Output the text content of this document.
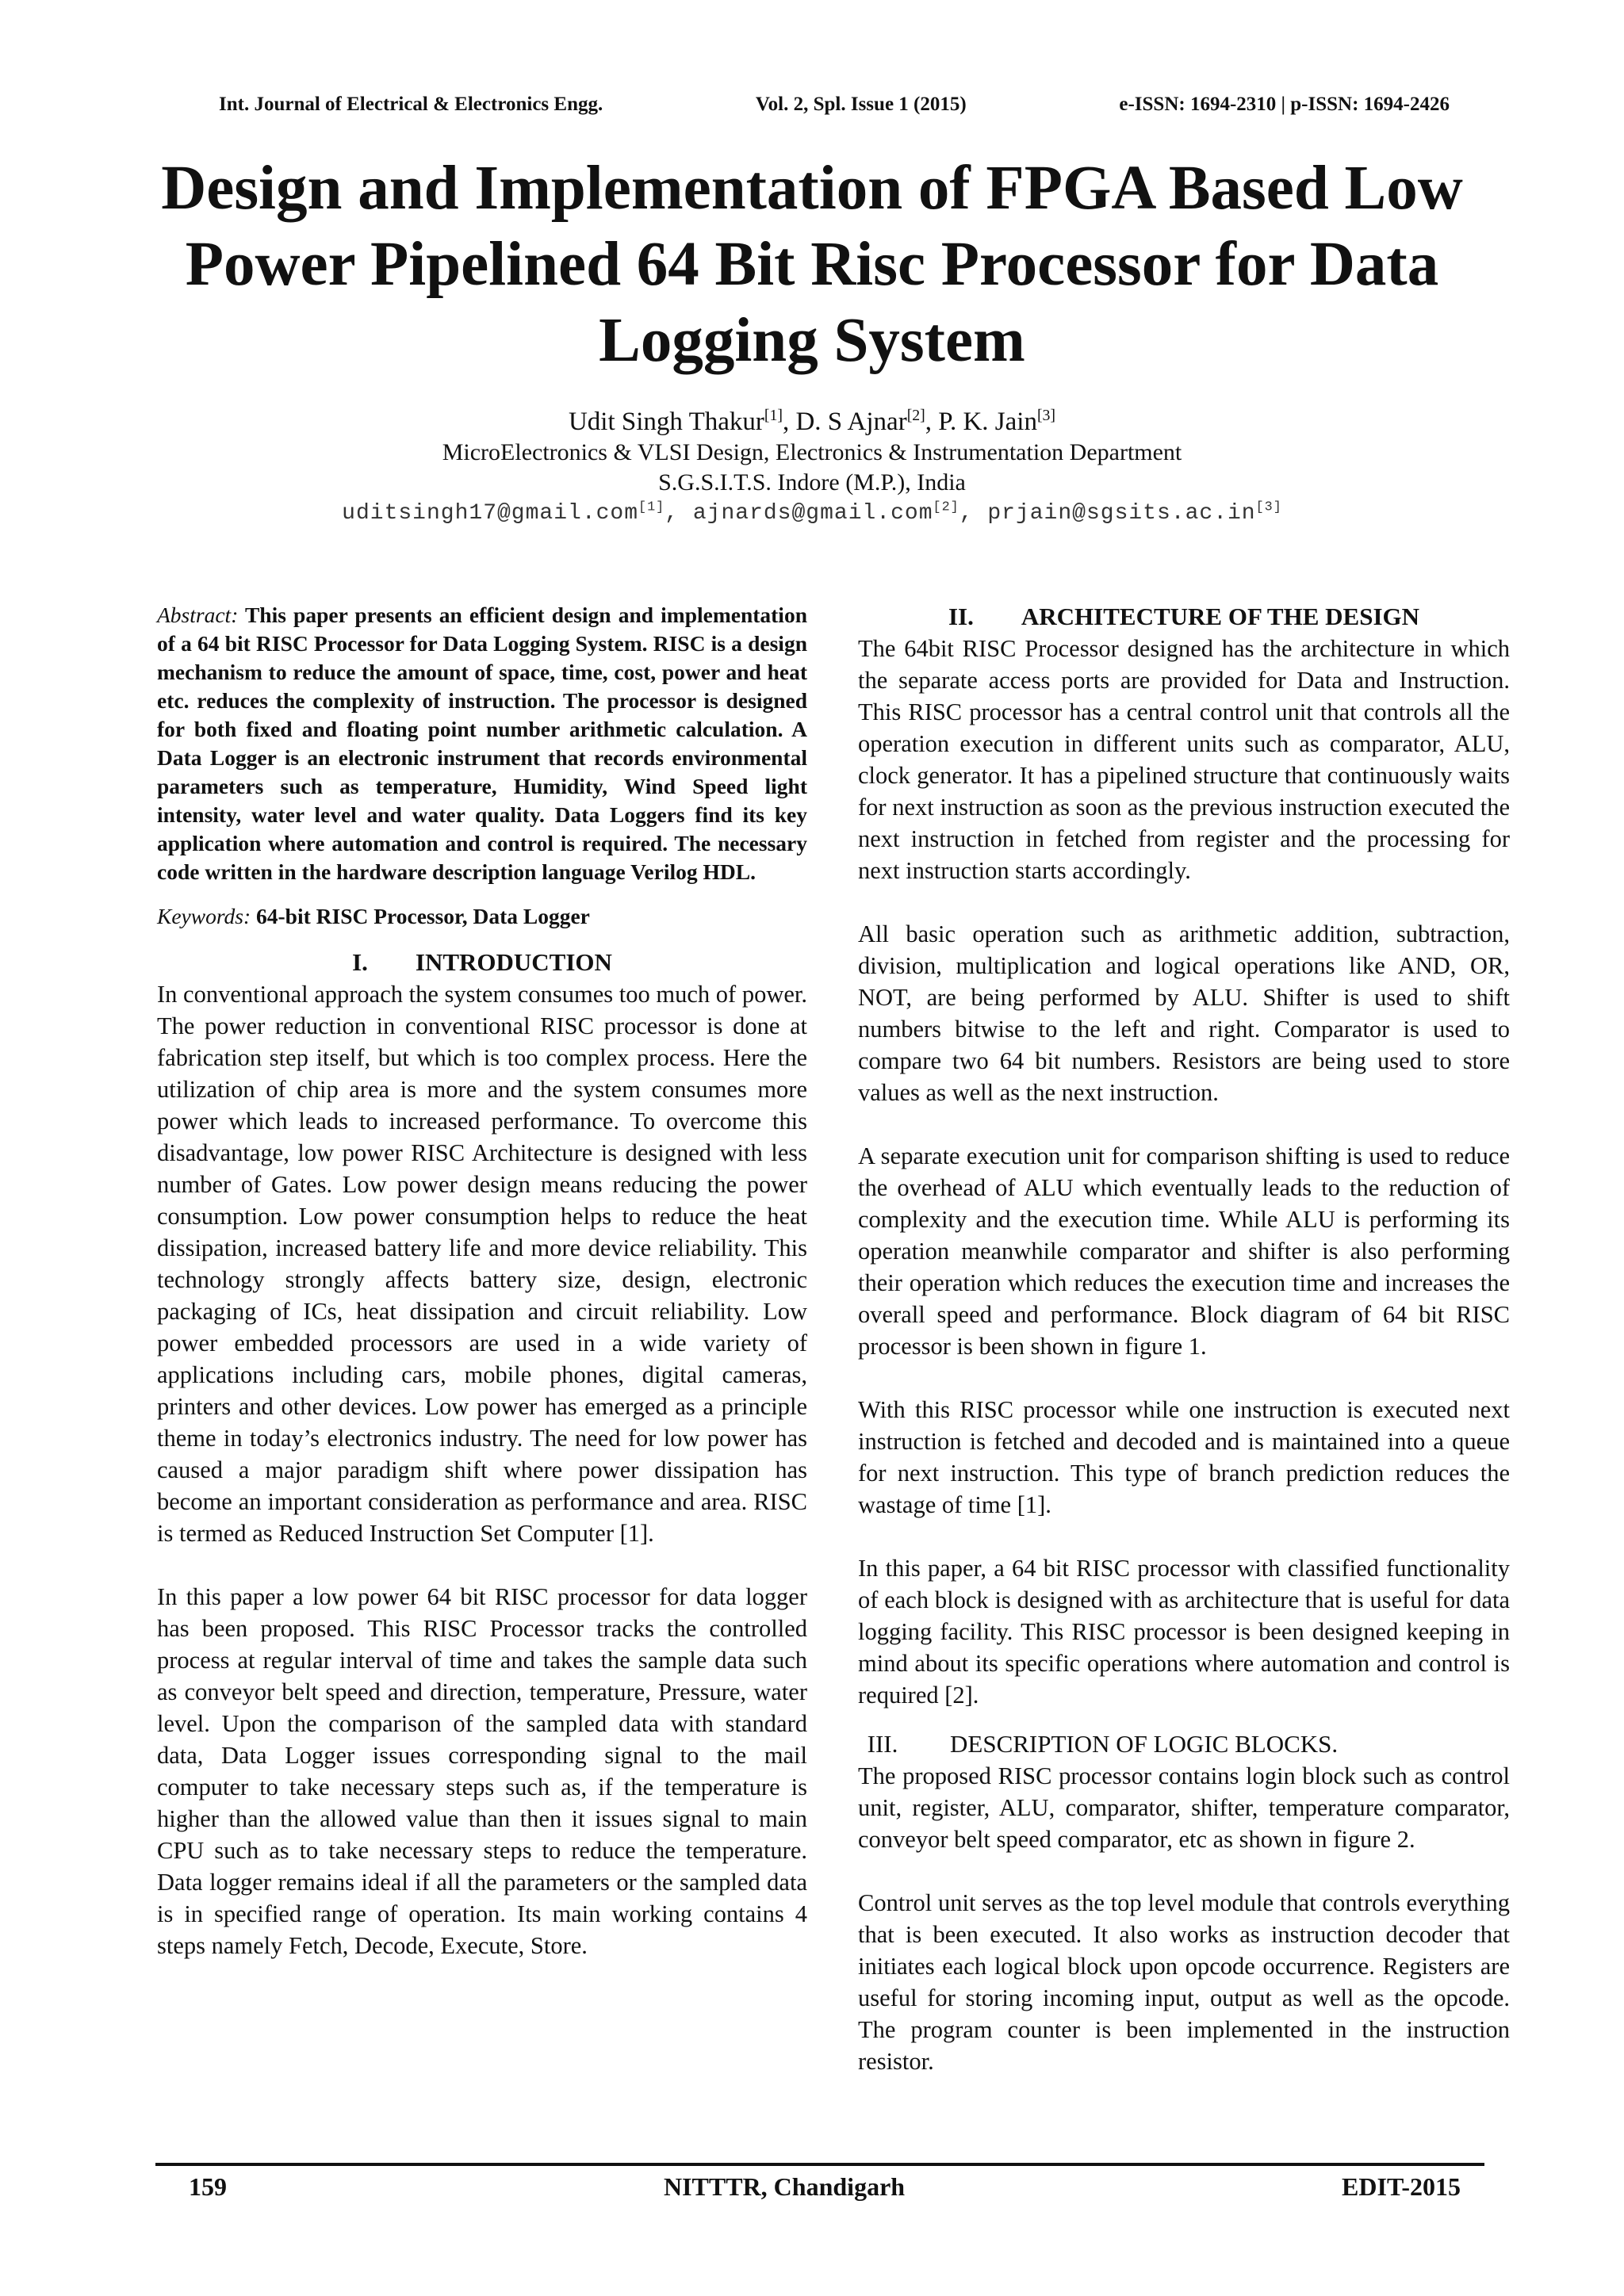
Int. Journal of Electrical & Electronics Engg.	Vol. 2, Spl. Issue 1 (2015)	e-ISSN: 1694-2310 | p-ISSN: 1694-2426
Design and Implementation of FPGA Based Low Power Pipelined 64 Bit Risc Processor for Data Logging System
Udit Singh Thakur[1], D. S Ajnar[2], P. K. Jain[3]
MicroElectronics & VLSI Design, Electronics & Instrumentation Department
S.G.S.I.T.S. Indore (M.P.), India
uditsingh17@gmail.com[1], ajnards@gmail.com[2], prjain@sgsits.ac.in[3]

Abstract: This paper presents an efficient design and implementation of a 64 bit RISC Processor for Data Logging System. RISC is a design mechanism to reduce the amount of space, time, cost, power and heat etc. reduces the complexity of instruction. The processor is designed for both fixed and floating point number arithmetic calculation. A Data Logger is an electronic instrument that records environmental parameters such as temperature, Humidity, Wind Speed light intensity, water level and water quality. Data Loggers find its key application where automation and control is required. The necessary code written in the hardware description language Verilog HDL.

Keywords: 64-bit RISC Processor, Data Logger

I. INTRODUCTION

In conventional approach the system consumes too much of power. The power reduction in conventional RISC processor is done at fabrication step itself, but which is too complex process. Here the utilization of chip area is more and the system consumes more power which leads to increased performance. To overcome this disadvantage, low power RISC Architecture is designed with less number of Gates. Low power design means reducing the power consumption. Low power consumption helps to reduce the heat dissipation, increased battery life and more device reliability. This technology strongly affects battery size, design, electronic packaging of ICs, heat dissipation and circuit reliability. Low power embedded processors are used in a wide variety of applications including cars, mobile phones, digital cameras, printers and other devices. Low power has emerged as a principle theme in today’s electronics industry. The need for low power has caused a major paradigm shift where power dissipation has become an important consideration as performance and area. RISC is termed as Reduced Instruction Set Computer [1].

In this paper a low power 64 bit RISC processor for data logger has been proposed. This RISC Processor tracks the controlled process at regular interval of time and takes the sample data such as conveyor belt speed and direction, temperature, Pressure, water level. Upon the comparison of the sampled data with standard data, Data Logger issues corresponding signal to the mail computer to take necessary steps such as, if the temperature is higher than the allowed value than then it issues signal to main CPU such as to take necessary steps to reduce the temperature. Data logger remains ideal if all the parameters or the sampled data is in specified range of operation. Its main working contains 4 steps namely Fetch, Decode, Execute, Store.

II. ARCHITECTURE OF THE DESIGN

The 64bit RISC Processor designed has the architecture in which the separate access ports are provided for Data and Instruction. This RISC processor has a central control unit that controls all the operation execution in different units such as comparator, ALU, clock generator. It has a pipelined structure that continuously waits for next instruction as soon as the previous instruction executed the next instruction in fetched from register and the processing for next instruction starts accordingly.

All basic operation such as arithmetic addition, subtraction, division, multiplication and logical operations like AND, OR, NOT, are being performed by ALU. Shifter is used to shift numbers bitwise to the left and right. Comparator is used to compare two 64 bit numbers. Resistors are being used to store values as well as the next instruction.

A separate execution unit for comparison shifting is used to reduce the overhead of ALU which eventually leads to the reduction of complexity and the execution time. While ALU is performing its operation meanwhile comparator and shifter is also performing their operation which reduces the execution time and increases the overall speed and performance. Block diagram of 64 bit RISC processor is been shown in figure 1.

With this RISC processor while one instruction is executed next instruction is fetched and decoded and is maintained into a queue for next instruction. This type of branch prediction reduces the wastage of time [1].

In this paper, a 64 bit RISC processor with classified functionality of each block is designed with as architecture that is useful for data logging facility. This RISC processor is been designed keeping in mind about its specific operations where automation and control is required [2].

III.	DESCRIPTION OF LOGIC BLOCKS.

The proposed RISC processor contains login block such as control unit, register, ALU, comparator, shifter, temperature comparator, conveyor belt speed comparator, etc as shown in figure 2.

Control unit serves as the top level module that controls everything that is been executed. It also works as instruction decoder that initiates each logical block upon opcode occurrence. Registers are useful for storing incoming input, output as well as the opcode. The program counter is been implemented in the instruction resistor.

159	NITTTR, Chandigarh	EDIT-2015
